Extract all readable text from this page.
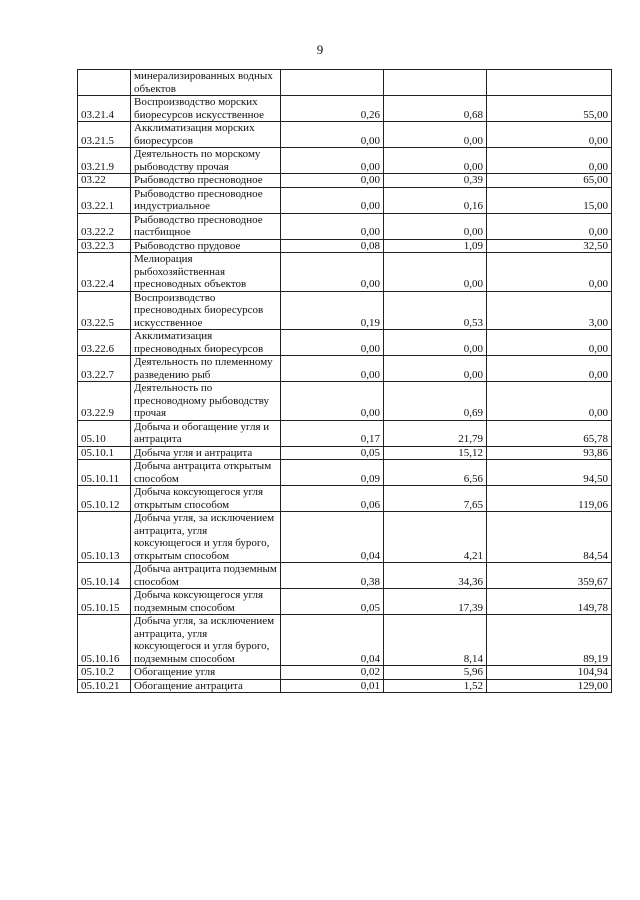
9
	минерализированных водных объектов			
03.21.4	Воспроизводство морских биоресурсов искусственное	0,26	0,68	55,00
03.21.5	Акклиматизация морских биоресурсов	0,00	0,00	0,00
03.21.9	Деятельность по морскому рыбоводству прочая	0,00	0,00	0,00
03.22	Рыбоводство пресноводное	0,00	0,39	65,00
03.22.1	Рыбоводство пресноводное индустриальное	0,00	0,16	15,00
03.22.2	Рыбоводство пресноводное пастбищное	0,00	0,00	0,00
03.22.3	Рыбоводство прудовое	0,08	1,09	32,50
03.22.4	Мелиорация рыбохозяйственная пресноводных объектов	0,00	0,00	0,00
03.22.5	Воспроизводство пресноводных биоресурсов искусственное	0,19	0,53	3,00
03.22.6	Акклиматизация пресноводных биоресурсов	0,00	0,00	0,00
03.22.7	Деятельность по племенному разведению рыб	0,00	0,00	0,00
03.22.9	Деятельность по пресноводному рыбоводству прочая	0,00	0,69	0,00
05.10	Добыча и обогащение угля и антрацита	0,17	21,79	65,78
05.10.1	Добыча угля и антрацита	0,05	15,12	93,86
05.10.11	Добыча антрацита открытым способом	0,09	6,56	94,50
05.10.12	Добыча коксующегося угля открытым способом	0,06	7,65	119,06
05.10.13	Добыча угля, за исключением антрацита, угля коксующегося и угля бурого, открытым способом	0,04	4,21	84,54
05.10.14	Добыча антрацита подземным способом	0,38	34,36	359,67
05.10.15	Добыча коксующегося угля подземным способом	0,05	17,39	149,78
05.10.16	Добыча угля, за исключением антрацита, угля коксующегося и угля бурого, подземным способом	0,04	8,14	89,19
05.10.2	Обогащение угля	0,02	5,96	104,94
05.10.21	Обогащение антрацита	0,01	1,52	129,00
